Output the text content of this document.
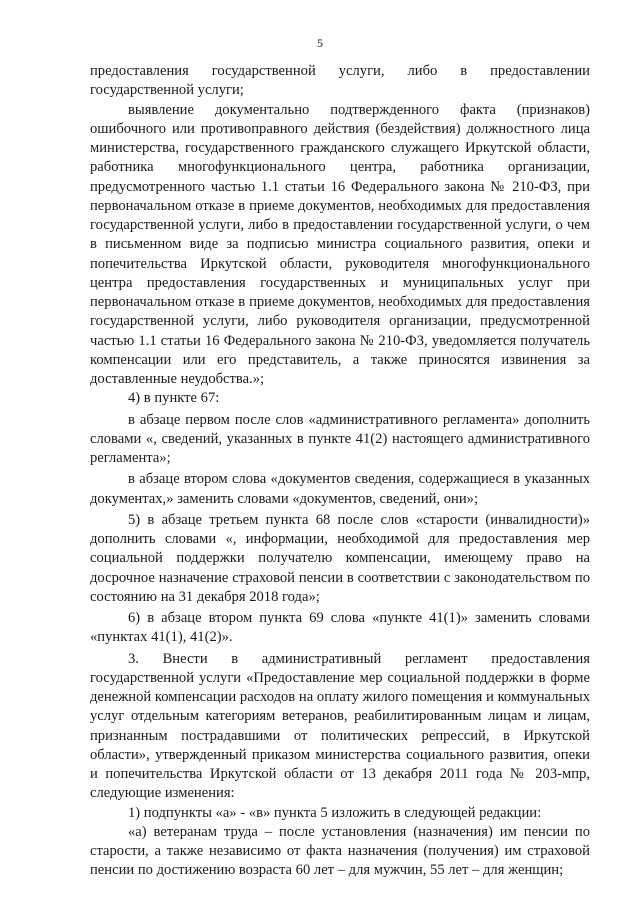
5

предоставления государственной услуги, либо в предоставлении государственной услуги;

выявление документально подтвержденного факта (признаков) ошибочного или противоправного действия (бездействия) должностного лица министерства, государственного гражданского служащего Иркутской области, работника многофункционального центра, работника организации, предусмотренного частью 1.1 статьи 16 Федерального закона № 210-ФЗ, при первоначальном отказе в приеме документов, необходимых для предоставления государственной услуги, либо в предоставлении государственной услуги, о чем в письменном виде за подписью министра социального развития, опеки и попечительства Иркутской области, руководителя многофункционального центра предоставления государственных и муниципальных услуг при первоначальном отказе в приеме документов, необходимых для предоставления государственной услуги, либо руководителя организации, предусмотренной частью 1.1 статьи 16 Федерального закона № 210-ФЗ, уведомляется получатель компенсации или его представитель, а также приносятся извинения за доставленные неудобства.»;

4) в пункте 67:

в абзаце первом после слов «административного регламента» дополнить словами «, сведений, указанных в пункте 41(2) настоящего административного регламента»;

в абзаце втором слова «документов сведения, содержащиеся в указанных документах,» заменить словами «документов, сведений, они»;

5) в абзаце третьем пункта 68 после слов «старости (инвалидности)» дополнить словами «, информации, необходимой для предоставления мер социальной поддержки получателю компенсации, имеющему право на досрочное назначение страховой пенсии в соответствии с законодательством по состоянию на 31 декабря 2018 года»;

6) в абзаце втором пункта 69 слова «пункте 41(1)» заменить словами «пунктах 41(1), 41(2)».

3. Внести в административный регламент предоставления государственной услуги «Предоставление мер социальной поддержки в форме денежной компенсации расходов на оплату жилого помещения и коммунальных услуг отдельным категориям ветеранов, реабилитированным лицам и лицам, признанным пострадавшими от политических репрессий, в Иркутской области», утвержденный приказом министерства социального развития, опеки и попечительства Иркутской области от 13 декабря 2011 года № 203-мпр, следующие изменения:

1) подпункты «а» - «в» пункта 5 изложить в следующей редакции:

«а) ветеранам труда – после установления (назначения) им пенсии по старости, а также независимо от факта назначения (получения) им страховой пенсии по достижению возраста 60 лет – для мужчин, 55 лет – для женщин;
